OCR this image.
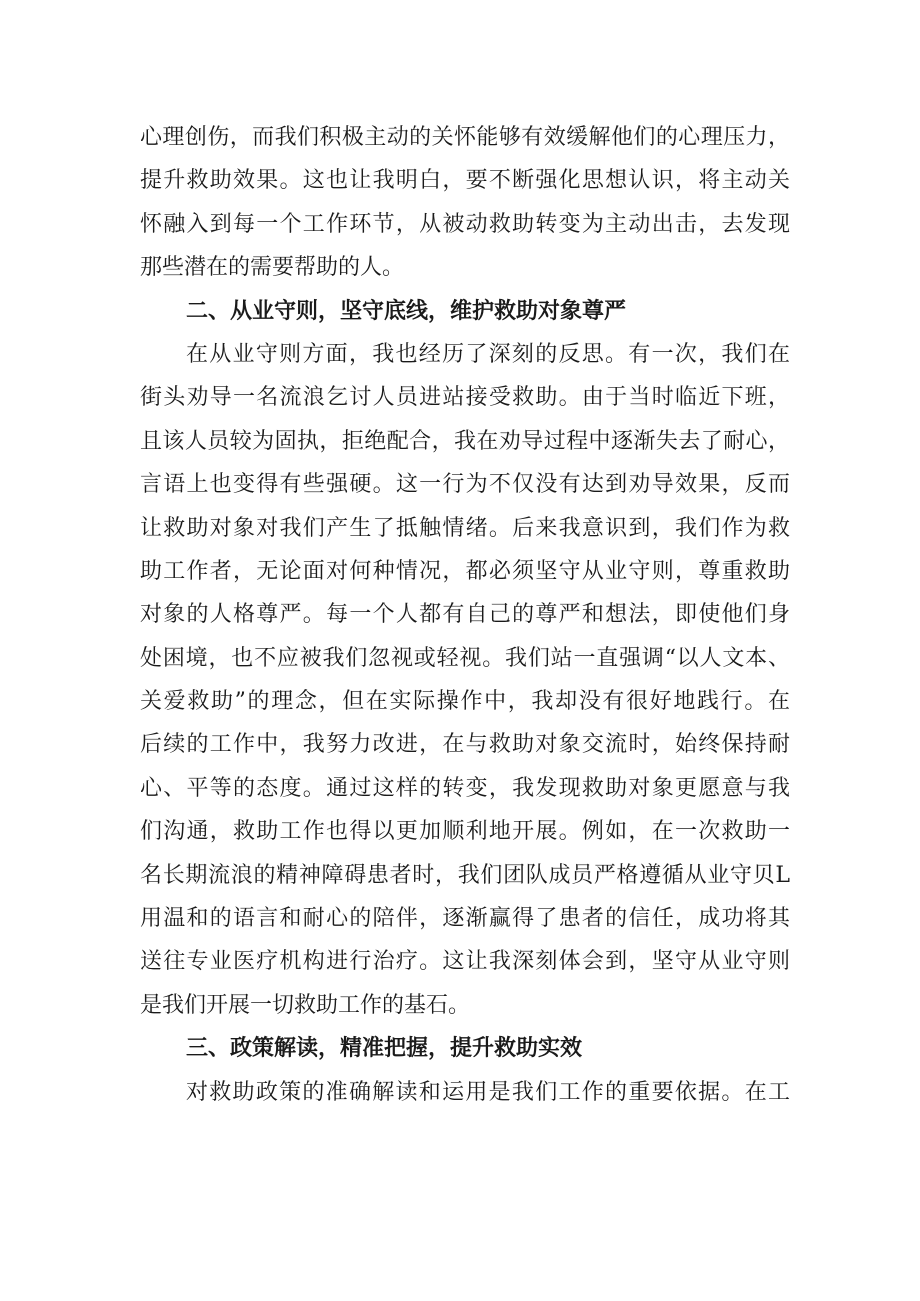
心理创伤，而我们积极主动的关怀能够有效缓解他们的心理压力，
提升救助效果。这也让我明白，要不断强化思想认识，将主动关
怀融入到每一个工作环节，从被动救助转变为主动出击，去发现
那些潜在的需要帮助的人。
二、从业守则，坚守底线，维护救助对象尊严
在从业守则方面，我也经历了深刻的反思。有一次，我们在
街头劝导一名流浪乞讨人员进站接受救助。由于当时临近下班，
且该人员较为固执，拒绝配合，我在劝导过程中逐渐失去了耐心，
言语上也变得有些强硬。这一行为不仅没有达到劝导效果，反而
让救助对象对我们产生了抵触情绪。后来我意识到，我们作为救
助工作者，无论面对何种情况，都必须坚守从业守则，尊重救助
对象的人格尊严。每一个人都有自己的尊严和想法，即使他们身
处困境，也不应被我们忽视或轻视。我们站一直强调“以人文本、
关爱救助”的理念，但在实际操作中，我却没有很好地践行。在
后续的工作中，我努力改进，在与救助对象交流时，始终保持耐
心、平等的态度。通过这样的转变，我发现救助对象更愿意与我
们沟通，救助工作也得以更加顺利地开展。例如，在一次救助一
名长期流浪的精神障碍患者时，我们团队成员严格遵循从业守贝L
用温和的语言和耐心的陪伴，逐渐赢得了患者的信任，成功将其
送往专业医疗机构进行治疗。这让我深刻体会到，坚守从业守则
是我们开展一切救助工作的基石。
三、政策解读，精准把握，提升救助实效
对救助政策的准确解读和运用是我们工作的重要依据。在工
